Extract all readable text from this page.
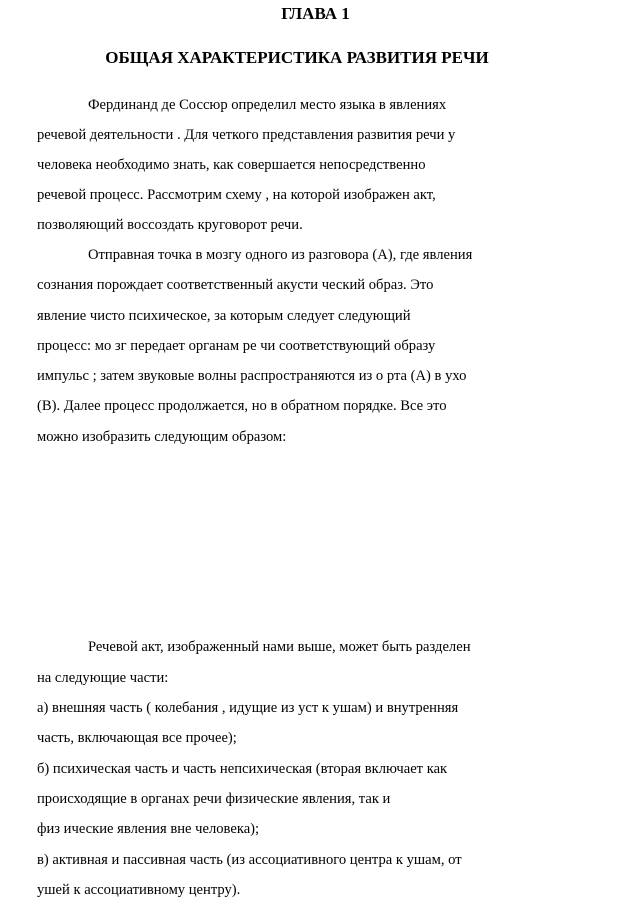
ГЛАВА 1
ОБЩАЯ ХАРАКТЕРИСТИКА РАЗВИТИЯ РЕЧИ
Фердинанд де Соссюр определил место языка в явлениях
речевой деятельности . Для четкого представления развития речи у
человека необходимо знать, как совершается непосредственно
речевой процесс. Рассмотрим схему , на которой изображен акт,
позволяющий воссоздать круговорот речи.
Отправная точка в мозгу одного из разговора (А), где явления
сознания порождает соответственный акусти ческий образ. Это
явление чисто психическое, за которым следует следующий
процесс: мо зг передает органам ре чи соответствующий образу
импульс ; затем звуковые волны распространяются из о рта (А) в ухо
(В). Далее процесс продолжается, но в обратном порядке. Все это
можно изобразить следующим образом:
Речевой акт, изображенный нами выше, может быть разделен
на следующие части:
а) внешняя часть ( колебания , идущие из уст к ушам) и внутренняя
часть, включающая все прочее);
б) психическая часть и часть непсихическая (вторая включает как
происходящие в органах речи физические явления, так и
физ ические явления вне человека);
в) активная и пассивная часть (из ассоциативного центра к ушам, от
ушей к ассоциативному центру).
